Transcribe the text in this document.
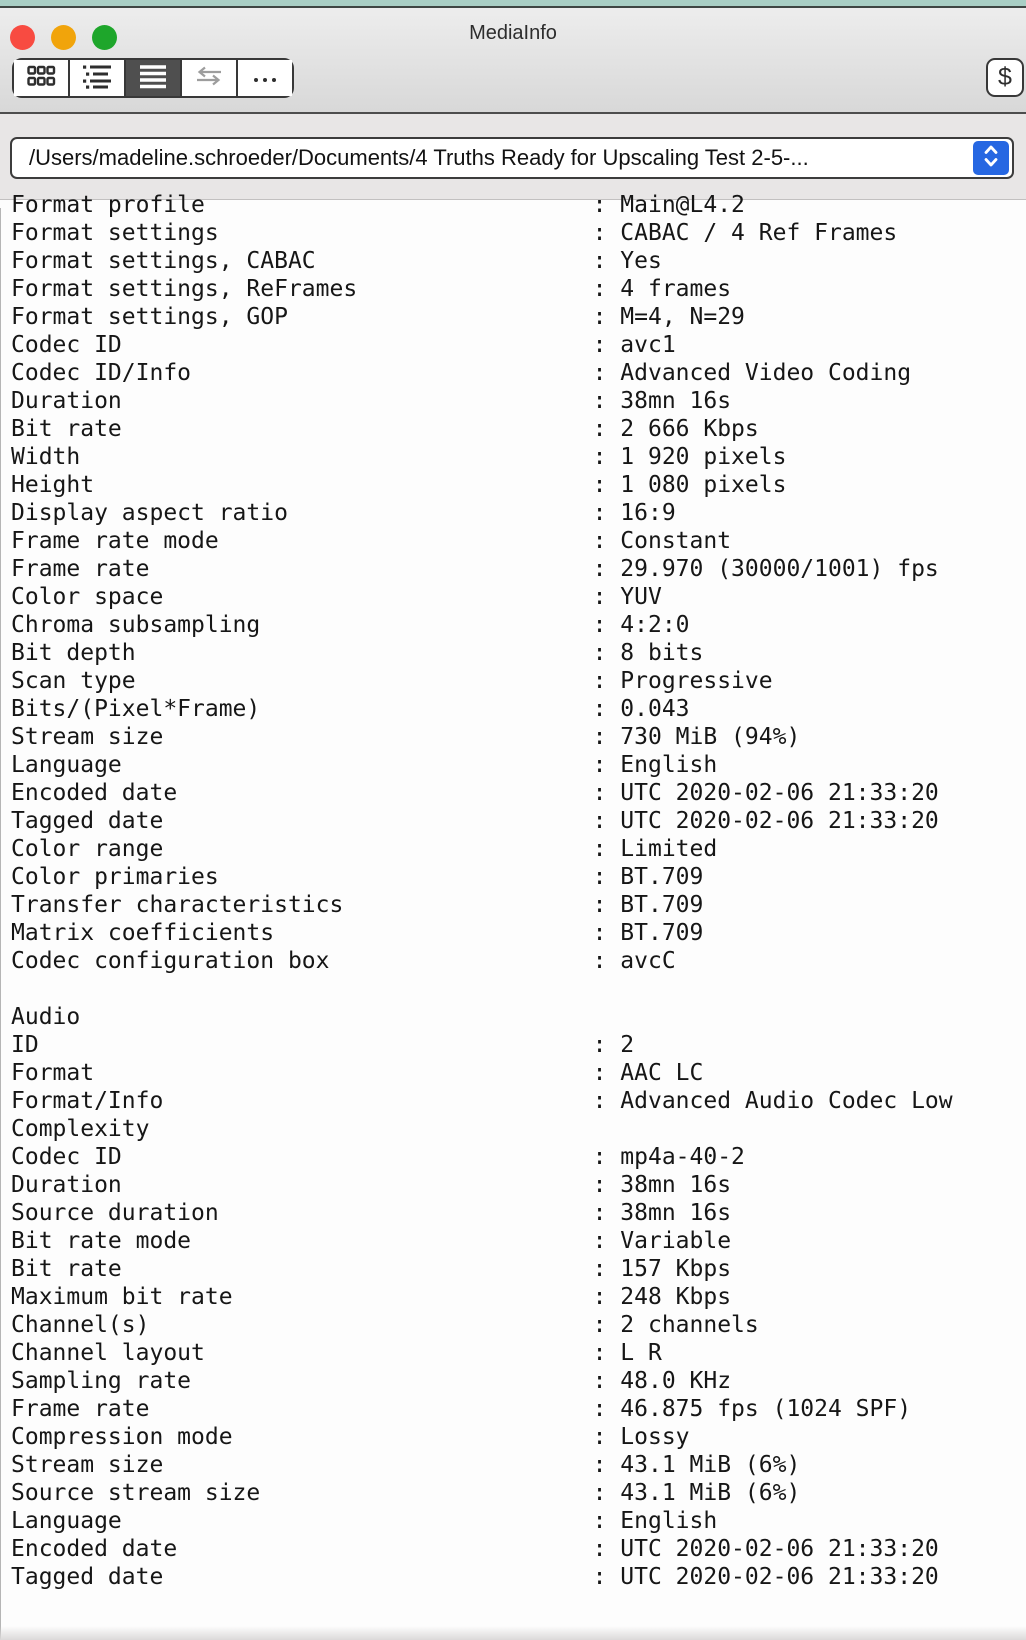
MediaInfo
$
/Users/madeline.schroeder/Documents/4 Truths Ready for Upscaling Test 2-5-...
Format profile                            : Main@L4.2
Format settings                           : CABAC / 4 Ref Frames
Format settings, CABAC                    : Yes
Format settings, ReFrames                 : 4 frames
Format settings, GOP                      : M=4, N=29
Codec ID                                  : avc1
Codec ID/Info                             : Advanced Video Coding
Duration                                  : 38mn 16s
Bit rate                                  : 2 666 Kbps
Width                                     : 1 920 pixels
Height                                    : 1 080 pixels
Display aspect ratio                      : 16:9
Frame rate mode                           : Constant
Frame rate                                : 29.970 (30000/1001) fps
Color space                               : YUV
Chroma subsampling                        : 4:2:0
Bit depth                                 : 8 bits
Scan type                                 : Progressive
Bits/(Pixel*Frame)                        : 0.043
Stream size                               : 730 MiB (94%)
Language                                  : English
Encoded date                              : UTC 2020-02-06 21:33:20
Tagged date                               : UTC 2020-02-06 21:33:20
Color range                               : Limited
Color primaries                           : BT.709
Transfer characteristics                  : BT.709
Matrix coefficients                       : BT.709
Codec configuration box                   : avcC
Audio
ID                                        : 2
Format                                    : AAC LC
Format/Info                               : Advanced Audio Codec Low
Complexity
Codec ID                                  : mp4a-40-2
Duration                                  : 38mn 16s
Source duration                           : 38mn 16s
Bit rate mode                             : Variable
Bit rate                                  : 157 Kbps
Maximum bit rate                          : 248 Kbps
Channel(s)                                : 2 channels
Channel layout                            : L R
Sampling rate                             : 48.0 KHz
Frame rate                                : 46.875 fps (1024 SPF)
Compression mode                          : Lossy
Stream size                               : 43.1 MiB (6%)
Source stream size                        : 43.1 MiB (6%)
Language                                  : English
Encoded date                              : UTC 2020-02-06 21:33:20
Tagged date                               : UTC 2020-02-06 21:33:20
